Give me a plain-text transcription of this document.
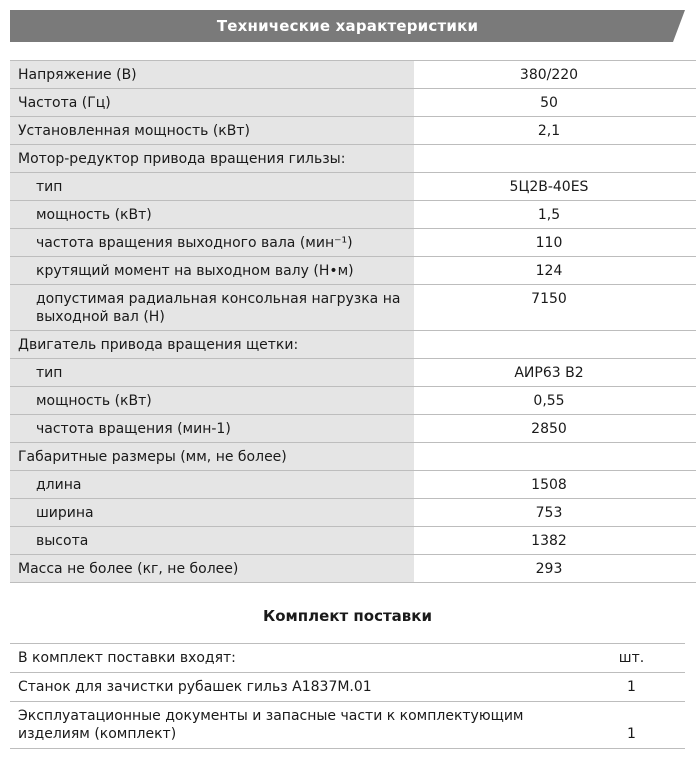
Технические характеристики
Напряжение (В)	380/220
Частота (Гц)	50
Установленная мощность (кВт)	2,1
Мотор-редуктор привода вращения гильзы:	
тип	5Ц2В-40ES
мощность (кВт)	1,5
частота вращения выходного вала (мин⁻¹)	110
крутящий момент на выходном валу (Н•м)	124
допустимая радиальная консольная нагрузка на выходной вал (Н)	7150
Двигатель привода вращения щетки:	
тип	АИР63 В2
мощность (кВт)	0,55
частота вращения (мин-1)	2850
Габаритные размеры (мм, не более)	
длина	1508
ширина	753
высота	1382
Масса не более (кг, не более)	293
Комплект поставки
В комплект поставки входят:	шт.
Станок для зачистки рубашек гильз А1837М.01	1
Эксплуатационные документы и запасные части к комплектующим изделиям (комплект)	1
